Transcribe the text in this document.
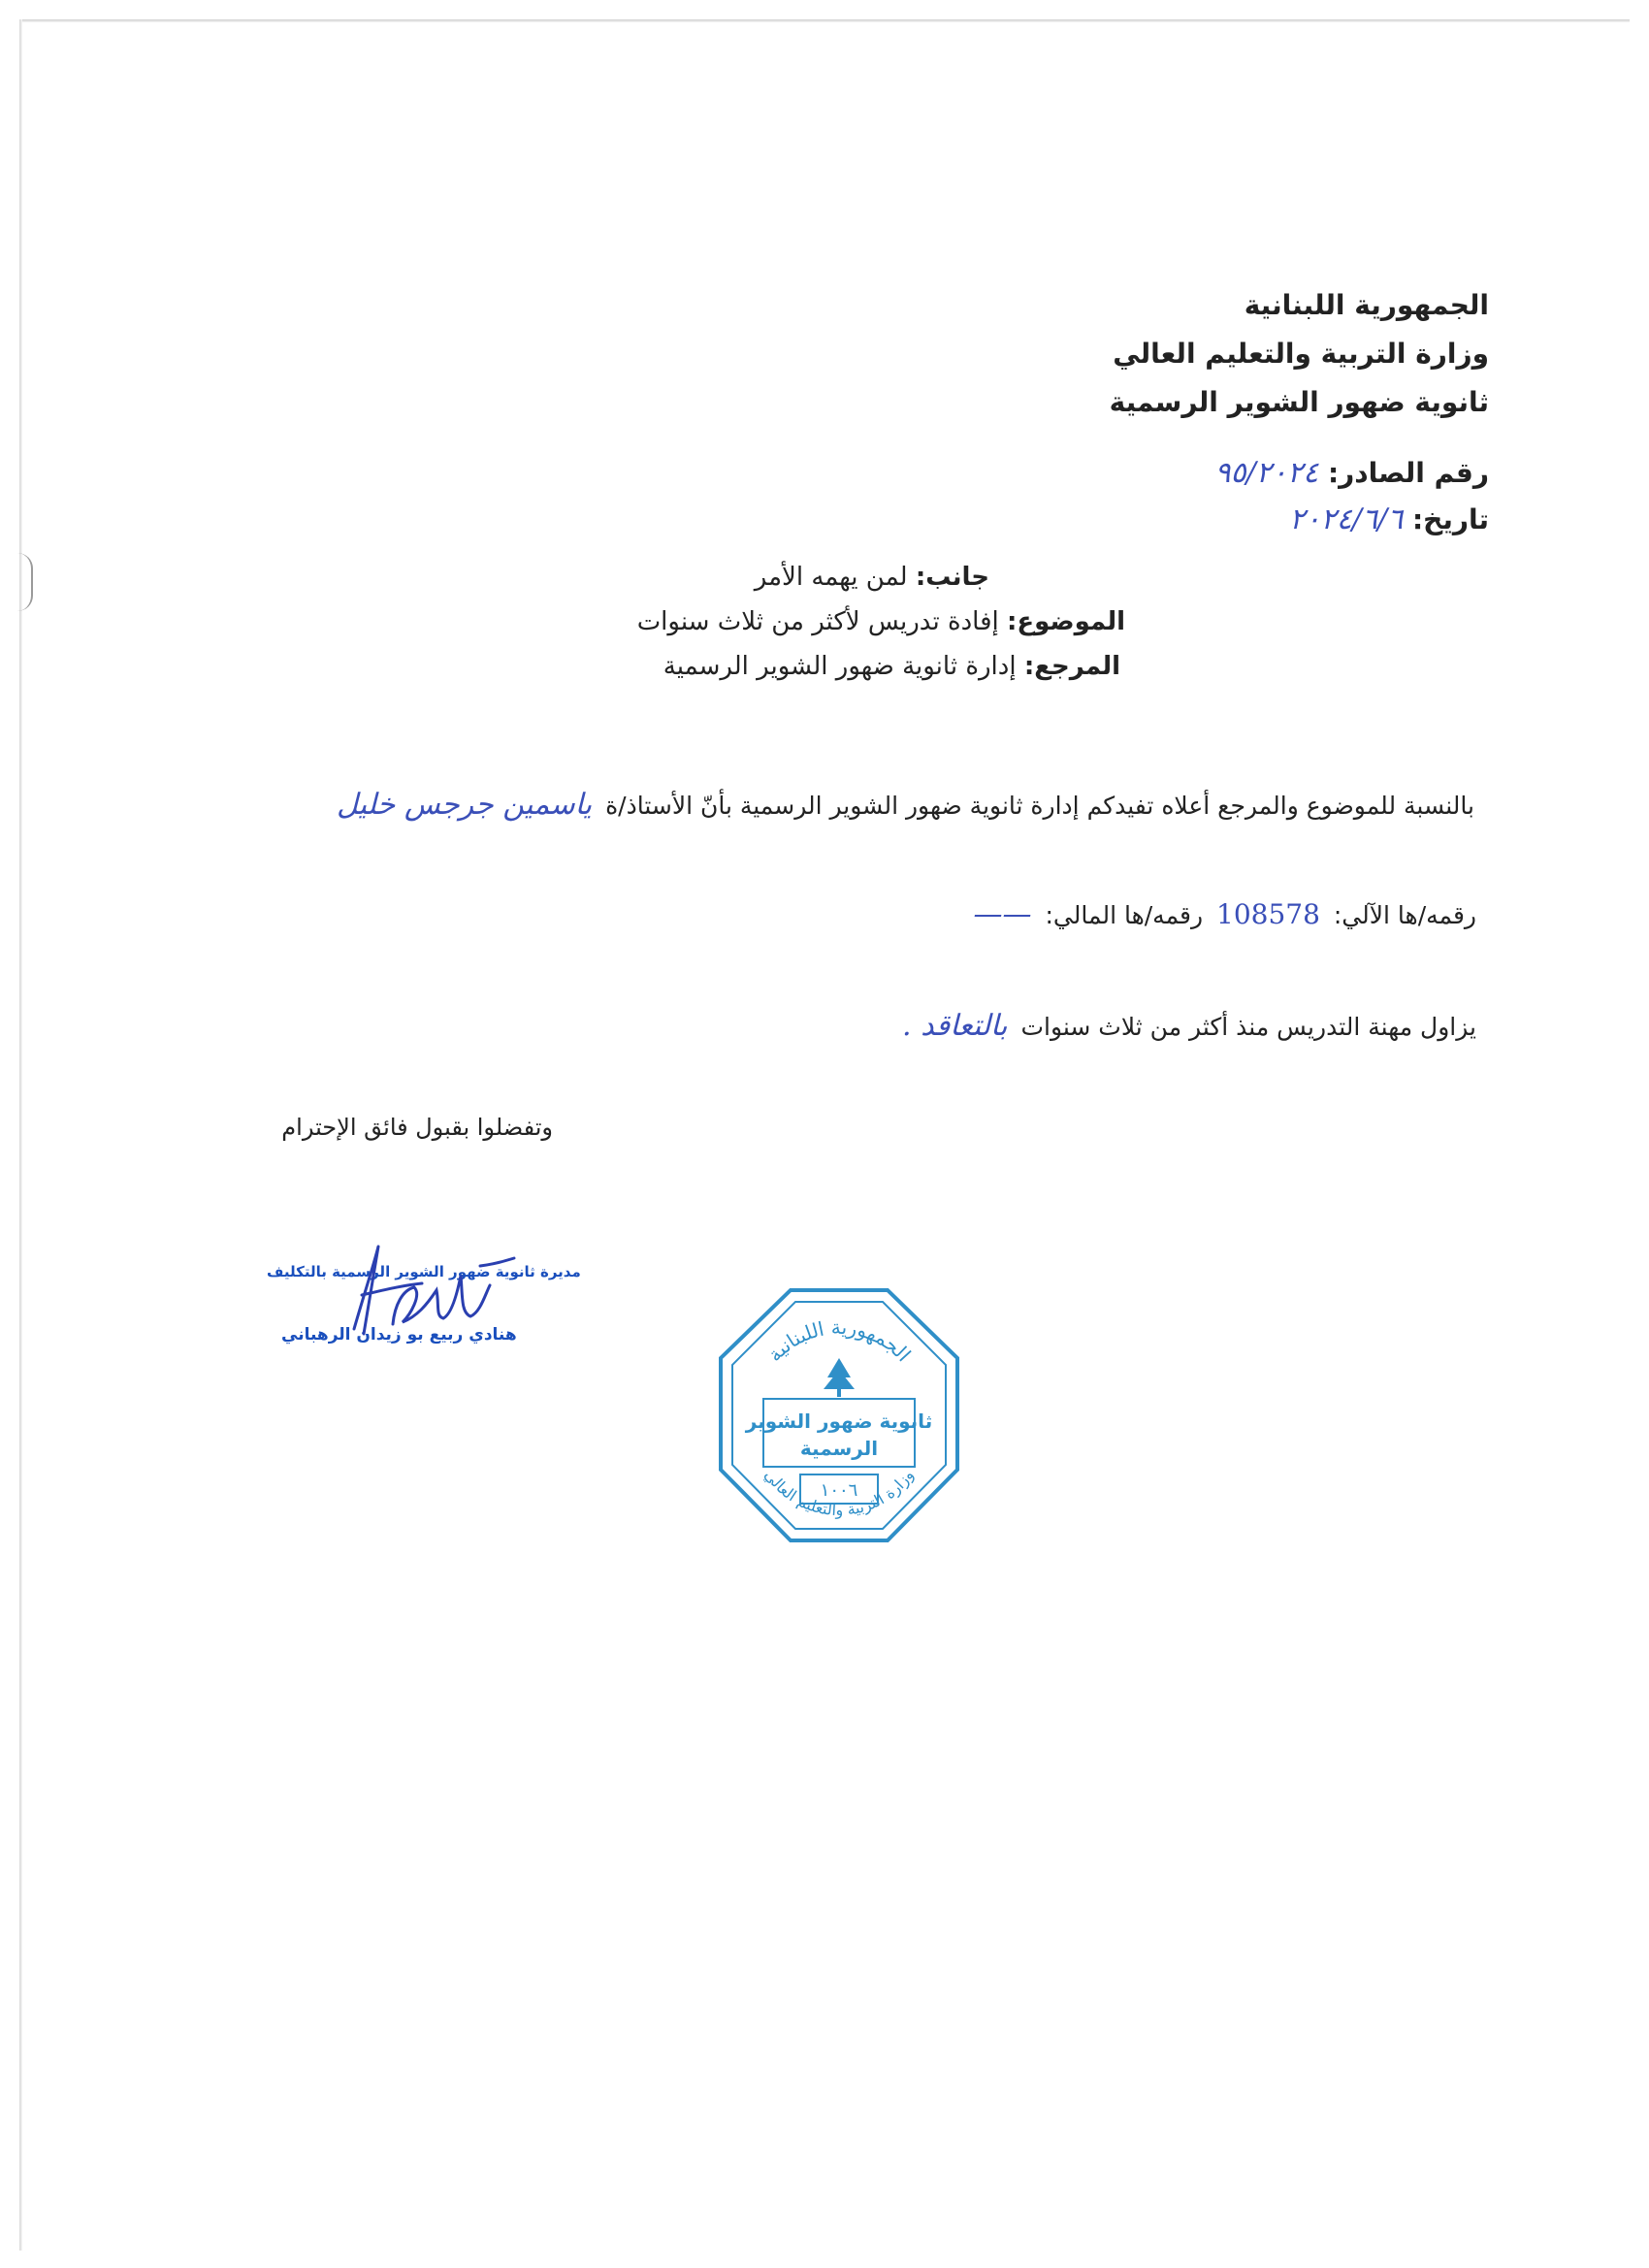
الجمهورية اللبنانية
وزارة التربية والتعليم العالي
ثانوية ضهور الشوير الرسمية
رقم الصادر: ٩٥/٢٠٢٤
تاريخ: ٢٠٢٤/٦/٦
جانب: لمن يهمه الأمر
الموضوع: إفادة تدريس لأكثر من ثلاث سنوات
المرجع: إدارة ثانوية ضهور الشوير الرسمية
بالنسبة للموضوع والمرجع أعلاه تفيدكم إدارة ثانوية ضهور الشوير الرسمية بأنّ الأستاذ/ة ياسمين جرجس خليل
رقمه/ها الآلي: 108578 رقمه/ها المالي: ——
يزاول مهنة التدريس منذ أكثر من ثلاث سنوات بالتعاقد .
وتفضلوا بقبول فائق الإحترام
مديرة ثانوية ضهور الشوير الرسمية بالتكليف
هنادي ربيع بو زيدان الرهباني
الجمهورية اللبنانية
وزارة التربية والتعليم العالي
ثانوية ضهور الشوير
الرسمية
١٠٠٦
